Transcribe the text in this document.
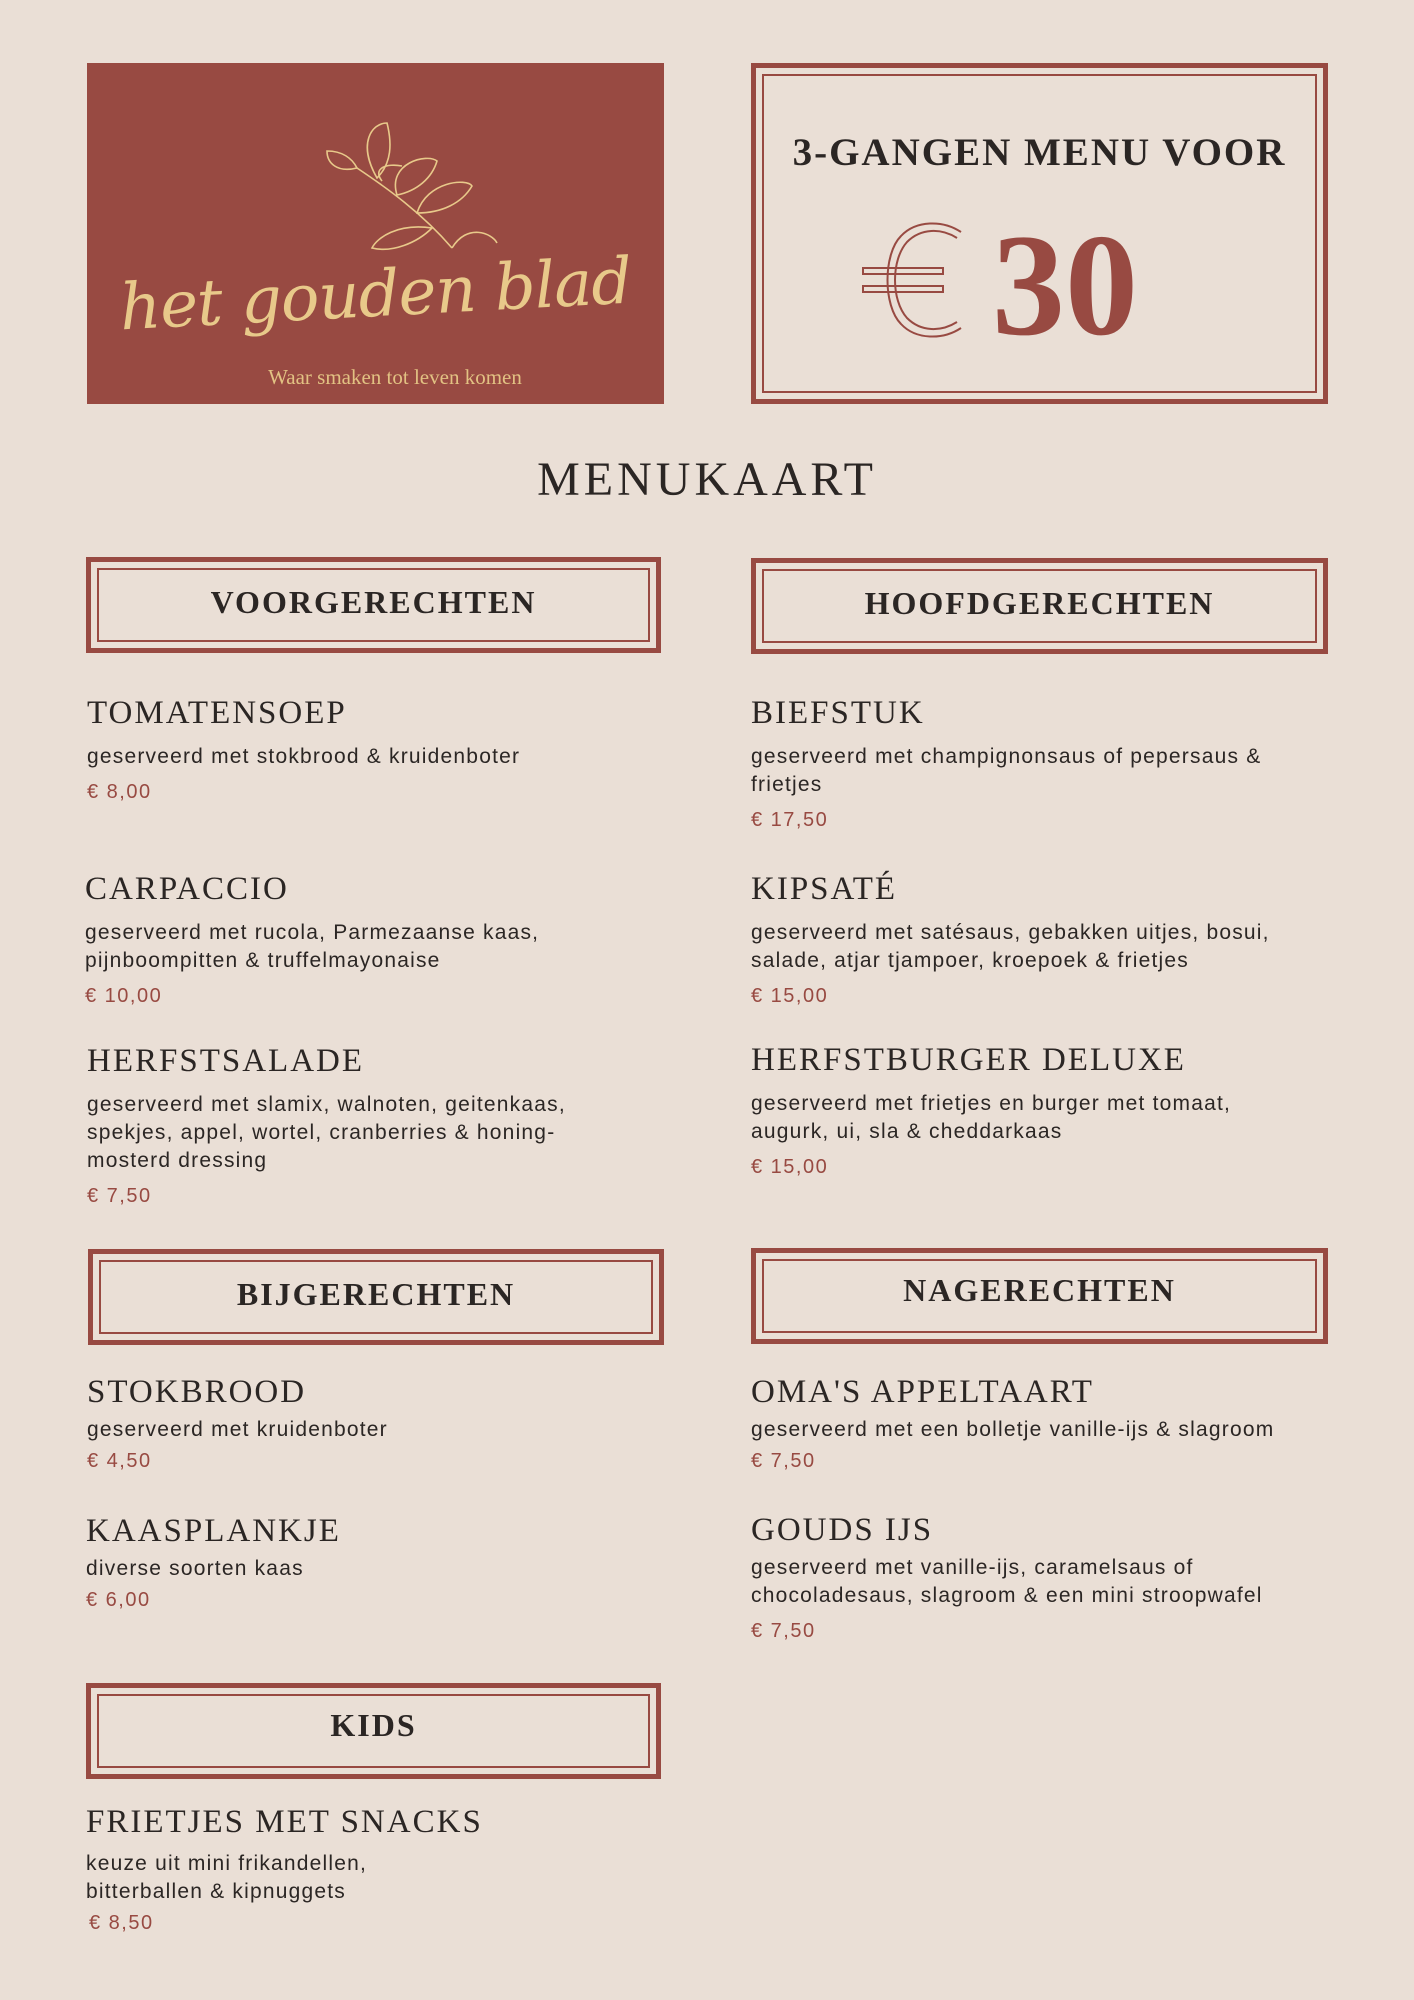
het gouden blad
Waar smaken tot leven komen
3-GANGEN MENU VOOR
30
MENUKAART
VOORGERECHTEN
TOMATENSOEP
geserveerd met stokbrood & kruidenboter
€ 8,00
CARPACCIO
geserveerd met rucola, Parmezaanse kaas, pijnboompitten & truffelmayonaise
€ 10,00
HERFSTSALADE
geserveerd met slamix, walnoten, geitenkaas, spekjes, appel, wortel, cranberries & honing-mosterd dressing
€ 7,50
HOOFDGERECHTEN
BIEFSTUK
geserveerd met champignonsaus of pepersaus & frietjes
€ 17,50
KIPSATÉ
geserveerd met satésaus, gebakken uitjes, bosui, salade, atjar tjampoer, kroepoek & frietjes
€ 15,00
HERFSTBURGER DELUXE
geserveerd met frietjes en burger met tomaat, augurk, ui, sla & cheddarkaas
€ 15,00
BIJGERECHTEN
STOKBROOD
geserveerd met kruidenboter
€ 4,50
KAASPLANKJE
diverse soorten kaas
€ 6,00
NAGERECHTEN
OMA'S APPELTAART
geserveerd met een bolletje vanille-ijs & slagroom
€ 7,50
GOUDS IJS
geserveerd met vanille-ijs, caramelsaus of chocoladesaus, slagroom & een mini stroopwafel
€ 7,50
KIDS
FRIETJES MET SNACKS
keuze uit mini frikandellen, bitterballen & kipnuggets
€ 8,50
